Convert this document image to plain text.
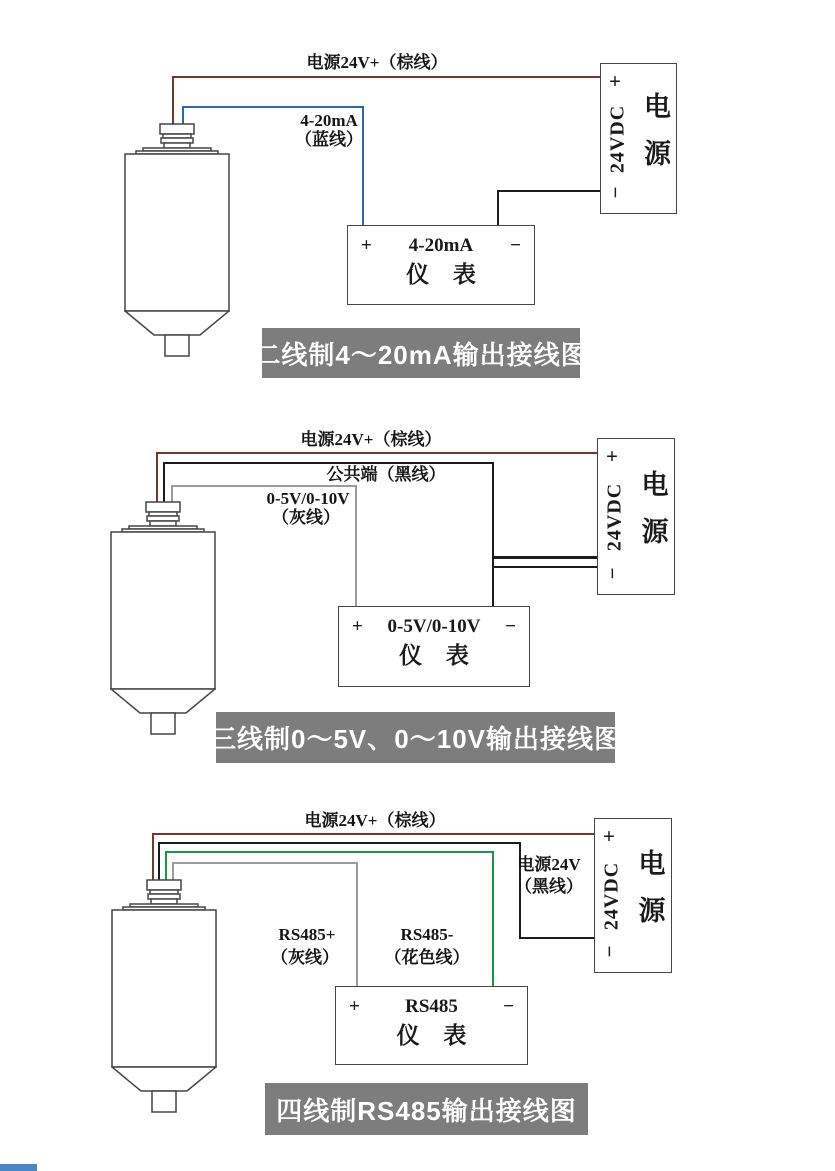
电源24V+（棕线）
4-20mA
（蓝线）
+ 4-20mA −
仪 表
+
24VDC
−
电源
二线制4～20mA输出接线图
电源24V+（棕线）
公共端（黑线）
0-5V/0-10V
（灰线）
+ 0-5V/0-10V −
仪 表
+
24VDC
−
电源
三线制0～5V、0～10V输出接线图
电源24V+（棕线）
电源24V
（黑线）
RS485+
（灰线）
RS485-
（花色线）
+ RS485 −
仪 表
+
24VDC
−
电源
四线制RS485输出接线图
